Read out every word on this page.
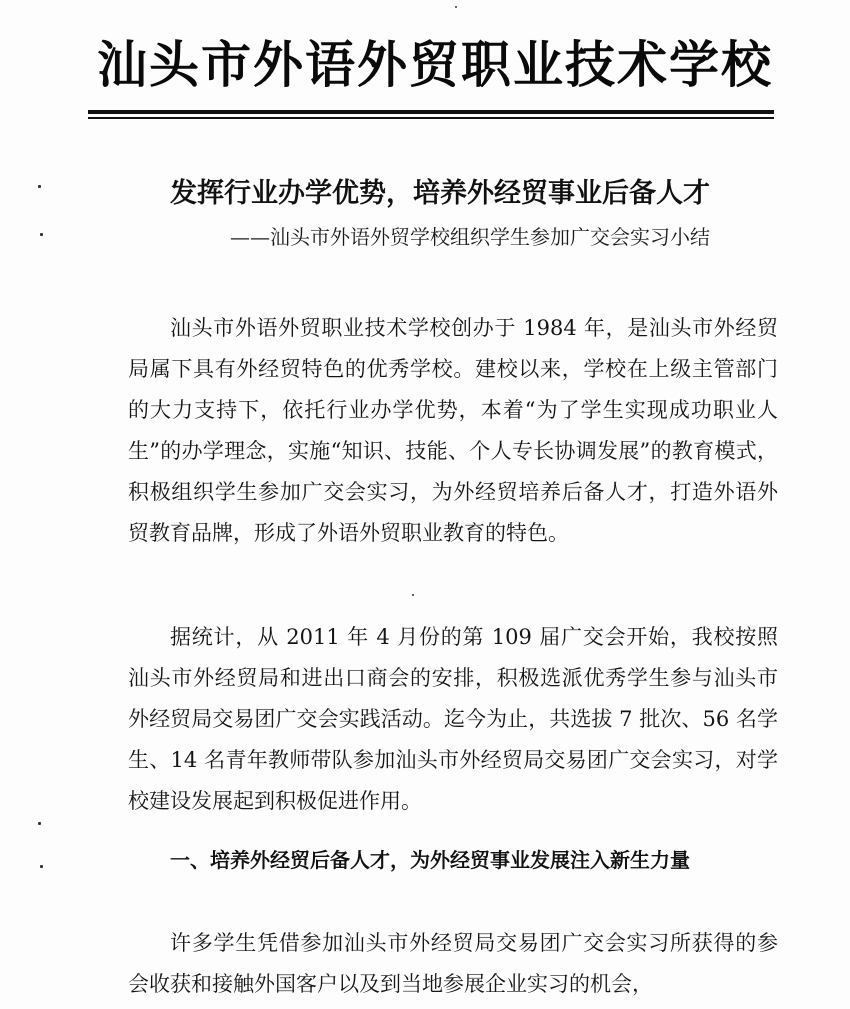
汕头市外语外贸职业技术学校
发挥行业办学优势，培养外经贸事业后备人才
——汕头市外语外贸学校组织学生参加广交会实习小结

汕头市外语外贸职业技术学校创办于 1984 年，是汕头市外经贸局属下具有外经贸特色的优秀学校。建校以来，学校在上级主管部门的大力支持下，依托行业办学优势，本着“为了学生实现成功职业人生”的办学理念，实施“知识、技能、个人专长协调发展”的教育模式，积极组织学生参加广交会实习，为外经贸培养后备人才，打造外语外贸教育品牌，形成了外语外贸职业教育的特色。

据统计，从 2011 年 4 月份的第 109 届广交会开始，我校按照汕头市外经贸局和进出口商会的安排，积极选派优秀学生参与汕头市外经贸局交易团广交会实践活动。迄今为止，共选拔 7 批次、56 名学生、14 名青年教师带队参加汕头市外经贸局交易团广交会实习，对学校建设发展起到积极促进作用。

一、培养外经贸后备人才，为外经贸事业发展注入新生力量

许多学生凭借参加汕头市外经贸局交易团广交会实习所获得的参会收获和接触外国客户以及到当地参展企业实习的机会，
